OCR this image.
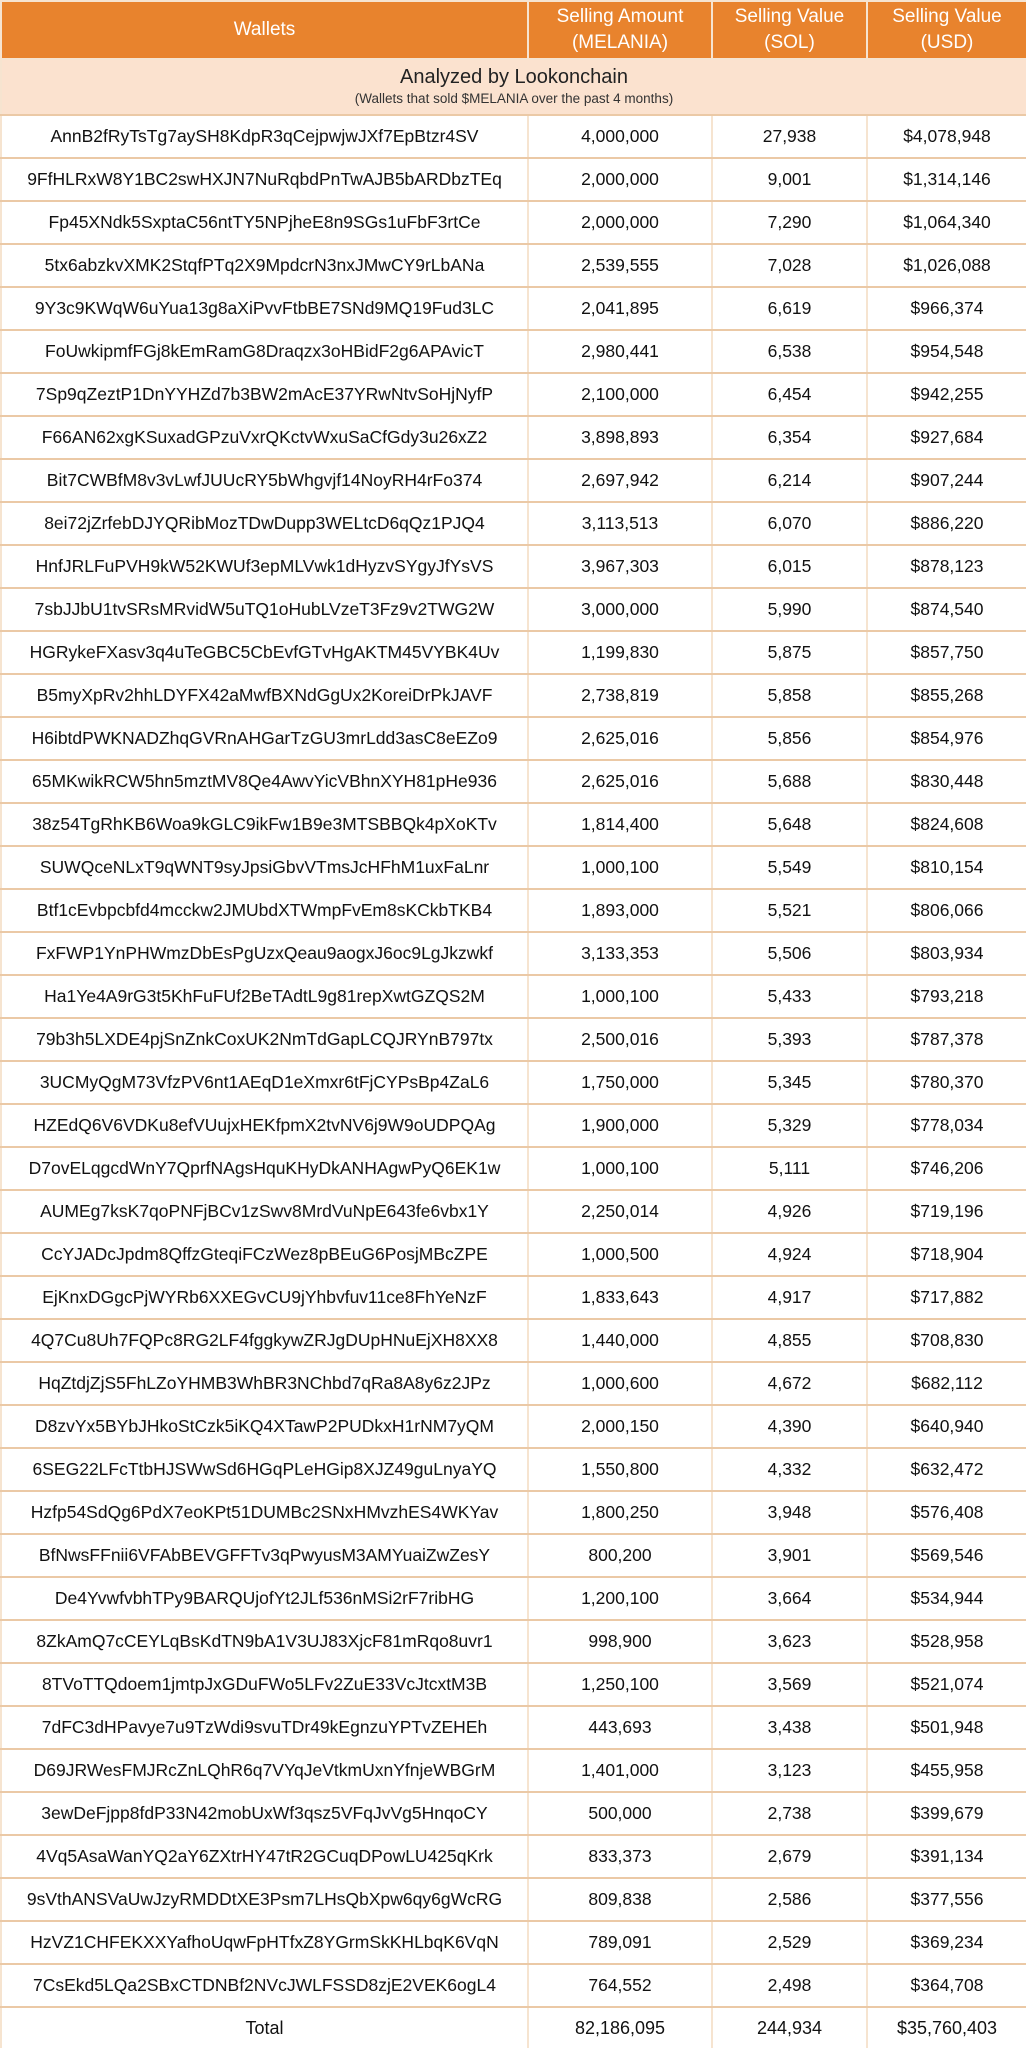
Wallets	
Selling Amount
(MELANIA)

Selling Value
(SOL)

Selling Value
(USD)

Analyzed by Lookonchain
(Wallets that sold $MELANIA over the past 4 months)			

AnnB2fRyTsTg7aySH8KdpR3qCejpwjwJXf7EpBtzr4SV	4,000,000	27,938	$4,078,948
9FfHLRxW8Y1BC2swHXJN7NuRqbdPnTwAJB5bARDbzTEq	2,000,000	9,001	$1,314,146
Fp45XNdk5SxptaC56ntTY5NPjheE8n9SGs1uFbF3rtCe	2,000,000	7,290	$1,064,340
5tx6abzkvXMK2StqfPTq2X9MpdcrN3nxJMwCY9rLbANa	2,539,555	7,028	$1,026,088
9Y3c9KWqW6uYua13g8aXiPvvFtbBE7SNd9MQ19Fud3LC	2,041,895	6,619	$966,374
FoUwkipmfFGj8kEmRamG8Draqzx3oHBidF2g6APAvicT	2,980,441	6,538	$954,548
7Sp9qZeztP1DnYYHZd7b3BW2mAcE37YRwNtvSoHjNyfP	2,100,000	6,454	$942,255
F66AN62xgKSuxadGPzuVxrQKctvWxuSaCfGdy3u26xZ2	3,898,893	6,354	$927,684
Bit7CWBfM8v3vLwfJUUcRY5bWhgvjf14NoyRH4rFo374	2,697,942	6,214	$907,244
8ei72jZrfebDJYQRibMozTDwDupp3WELtcD6qQz1PJQ4	3,113,513	6,070	$886,220
HnfJRLFuPVH9kW52KWUf3epMLVwk1dHyzvSYgyJfYsVS	3,967,303	6,015	$878,123
7sbJJbU1tvSRsMRvidW5uTQ1oHubLVzeT3Fz9v2TWG2W	3,000,000	5,990	$874,540
HGRykeFXasv3q4uTeGBC5CbEvfGTvHgAKTM45VYBK4Uv	1,199,830	5,875	$857,750
B5myXpRv2hhLDYFX42aMwfBXNdGgUx2KoreiDrPkJAVF	2,738,819	5,858	$855,268
H6ibtdPWKNADZhqGVRnAHGarTzGU3mrLdd3asC8eEZo9	2,625,016	5,856	$854,976
65MKwikRCW5hn5mztMV8Qe4AwvYicVBhnXYH81pHe936	2,625,016	5,688	$830,448
38z54TgRhKB6Woa9kGLC9ikFw1B9e3MTSBBQk4pXoKTv	1,814,400	5,648	$824,608
SUWQceNLxT9qWNT9syJpsiGbvVTmsJcHFhM1uxFaLnr	1,000,100	5,549	$810,154
Btf1cEvbpcbfd4mcckw2JMUbdXTWmpFvEm8sKCkbTKB4	1,893,000	5,521	$806,066
FxFWP1YnPHWmzDbEsPgUzxQeau9aogxJ6oc9LgJkzwkf	3,133,353	5,506	$803,934
Ha1Ye4A9rG3t5KhFuFUf2BeTAdtL9g81repXwtGZQS2M	1,000,100	5,433	$793,218
79b3h5LXDE4pjSnZnkCoxUK2NmTdGapLCQJRYnB797tx	2,500,016	5,393	$787,378
3UCMyQgM73VfzPV6nt1AEqD1eXmxr6tFjCYPsBp4ZaL6	1,750,000	5,345	$780,370
HZEdQ6V6VDKu8efVUujxHEKfpmX2tvNV6j9W9oUDPQAg	1,900,000	5,329	$778,034
D7ovELqgcdWnY7QprfNAgsHquKHyDkANHAgwPyQ6EK1w	1,000,100	5,111	$746,206
AUMEg7ksK7qoPNFjBCv1zSwv8MrdVuNpE643fe6vbx1Y	2,250,014	4,926	$719,196
CcYJADcJpdm8QffzGteqiFCzWez8pBEuG6PosjMBcZPE	1,000,500	4,924	$718,904
EjKnxDGgcPjWYRb6XXEGvCU9jYhbvfuv11ce8FhYeNzF	1,833,643	4,917	$717,882
4Q7Cu8Uh7FQPc8RG2LF4fggkywZRJgDUpHNuEjXH8XX8	1,440,000	4,855	$708,830
HqZtdjZjS5FhLZoYHMB3WhBR3NChbd7qRa8A8y6z2JPz	1,000,600	4,672	$682,112
D8zvYx5BYbJHkoStCzk5iKQ4XTawP2PUDkxH1rNM7yQM	2,000,150	4,390	$640,940
6SEG22LFcTtbHJSWwSd6HGqPLeHGip8XJZ49guLnyaYQ	1,550,800	4,332	$632,472
Hzfp54SdQg6PdX7eoKPt51DUMBc2SNxHMvzhES4WKYav	1,800,250	3,948	$576,408
BfNwsFFnii6VFAbBEVGFFTv3qPwyusM3AMYuaiZwZesY	800,200	3,901	$569,546
De4YvwfvbhTPy9BARQUjofYt2JLf536nMSi2rF7ribHG	1,200,100	3,664	$534,944
8ZkAmQ7cCEYLqBsKdTN9bA1V3UJ83XjcF81mRqo8uvr1	998,900	3,623	$528,958
8TVoTTQdoem1jmtpJxGDuFWo5LFv2ZuE33VcJtcxtM3B	1,250,100	3,569	$521,074
7dFC3dHPavye7u9TzWdi9svuTDr49kEgnzuYPTvZEHEh	443,693	3,438	$501,948
D69JRWesFMJRcZnLQhR6q7VYqJeVtkmUxnYfnjeWBGrM	1,401,000	3,123	$455,958
3ewDeFjpp8fdP33N42mobUxWf3qsz5VFqJvVg5HnqoCY	500,000	2,738	$399,679
4Vq5AsaWanYQ2aY6ZXtrHY47tR2GCuqDPowLU425qKrk	833,373	2,679	$391,134
9sVthANSVaUwJzyRMDDtXE3Psm7LHsQbXpw6qy6gWcRG	809,838	2,586	$377,556
HzVZ1CHFEKXXYafhoUqwFpHTfxZ8YGrmSkKHLbqK6VqN	789,091	2,529	$369,234
7CsEkd5LQa2SBxCTDNBf2NVcJWLFSSD8zjE2VEK6ogL4	764,552	2,498	$364,708
Total	82,186,095	244,934	$35,760,403
